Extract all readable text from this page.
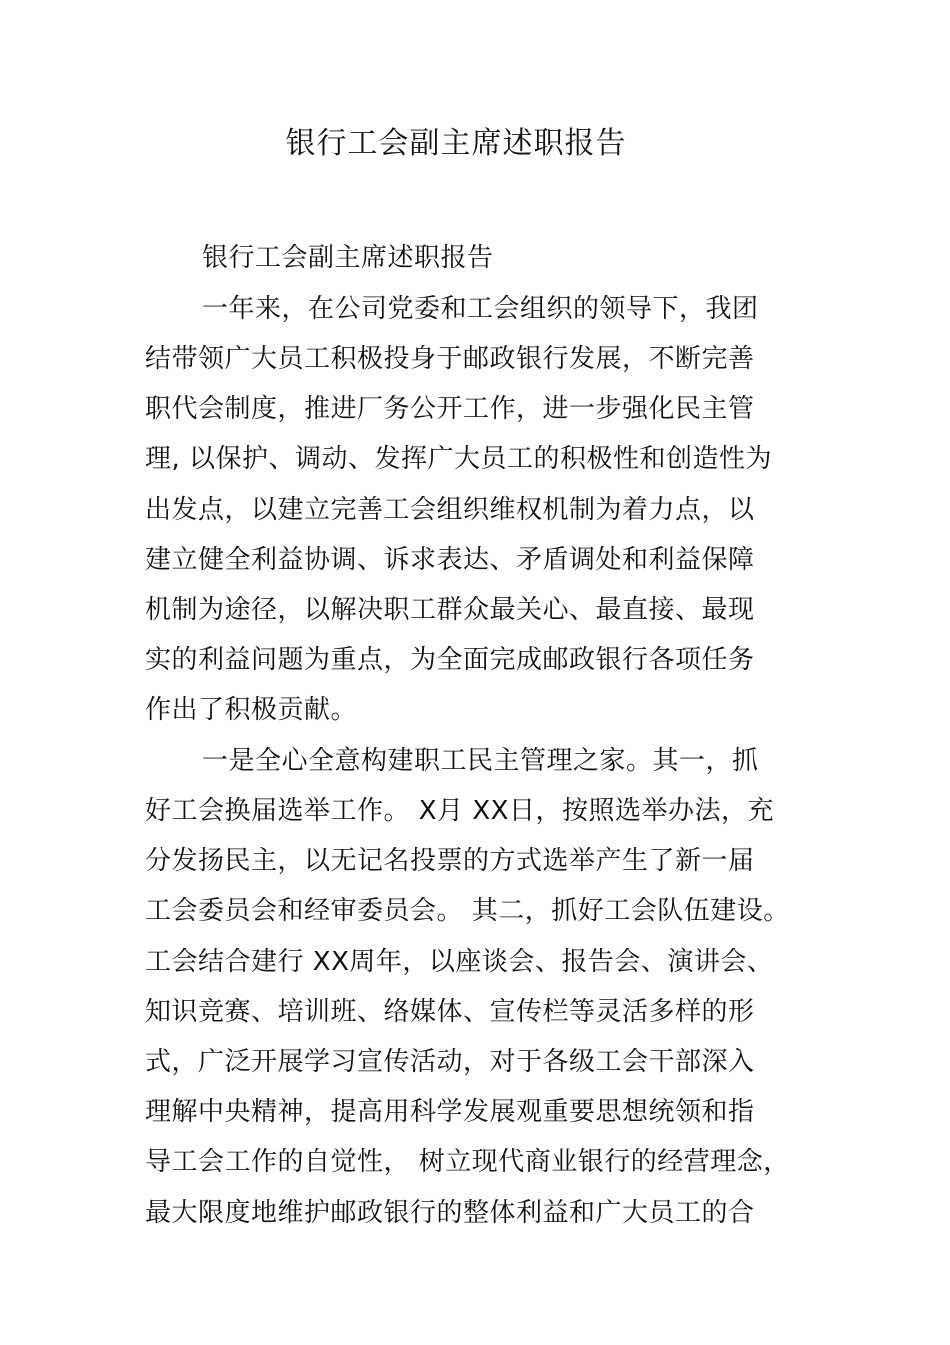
银行工会副主席述职报告
银行工会副主席述职报告
一年来，在公司党委和工会组织的领导下，我团
结带领广大员工积极投身于邮政银行发展，不断完善
职代会制度，推进厂务公开工作，进一步强化民主管
理, 以保护、调动、发挥广大员工的积极性和创造性为
出发点，以建立完善工会组织维权机制为着力点，以
建立健全利益协调、诉求表达、矛盾调处和利益保障
机制为途径，以解决职工群众最关心、最直接、最现
实的利益问题为重点，为全面完成邮政银行各项任务
作出了积极贡献。
一是全心全意构建职工民主管理之家。其一，抓
好工会换届选举工作。 X月 XX日，按照选举办法，充
分发扬民主，以无记名投票的方式选举产生了新一届
工会委员会和经审委员会。 其二，抓好工会队伍建设。
工会结合建行 XX周年，以座谈会、报告会、演讲会、
知识竞赛、培训班、络媒体、宣传栏等灵活多样的形
式，广泛开展学习宣传活动，对于各级工会干部深入
理解中央精神，提高用科学发展观重要思想统领和指
导工会工作的自觉性， 树立现代商业银行的经营理念，
最大限度地维护邮政银行的整体利益和广大员工的合
